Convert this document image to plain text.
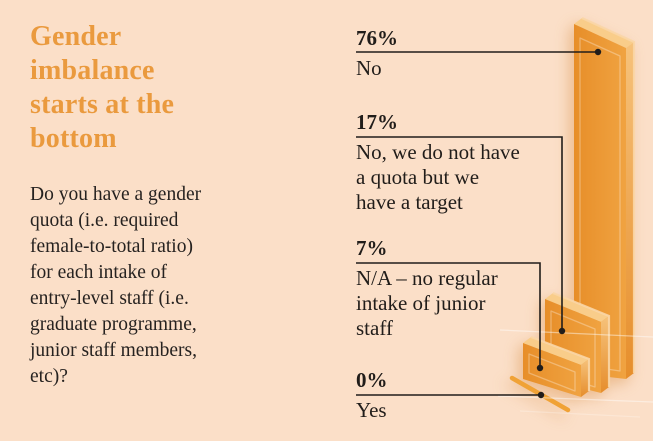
Gender
imbalance
starts at the
bottom
Do you have a gender
quota (i.e. required
female-to-total ratio)
for each intake of
entry-level staff (i.e.
graduate programme,
junior staff members,
etc)?
76%
No
17%
No, we do not have
a quota but we
have a target
7%
N/A – no regular
intake of junior
staff
0%
Yes
